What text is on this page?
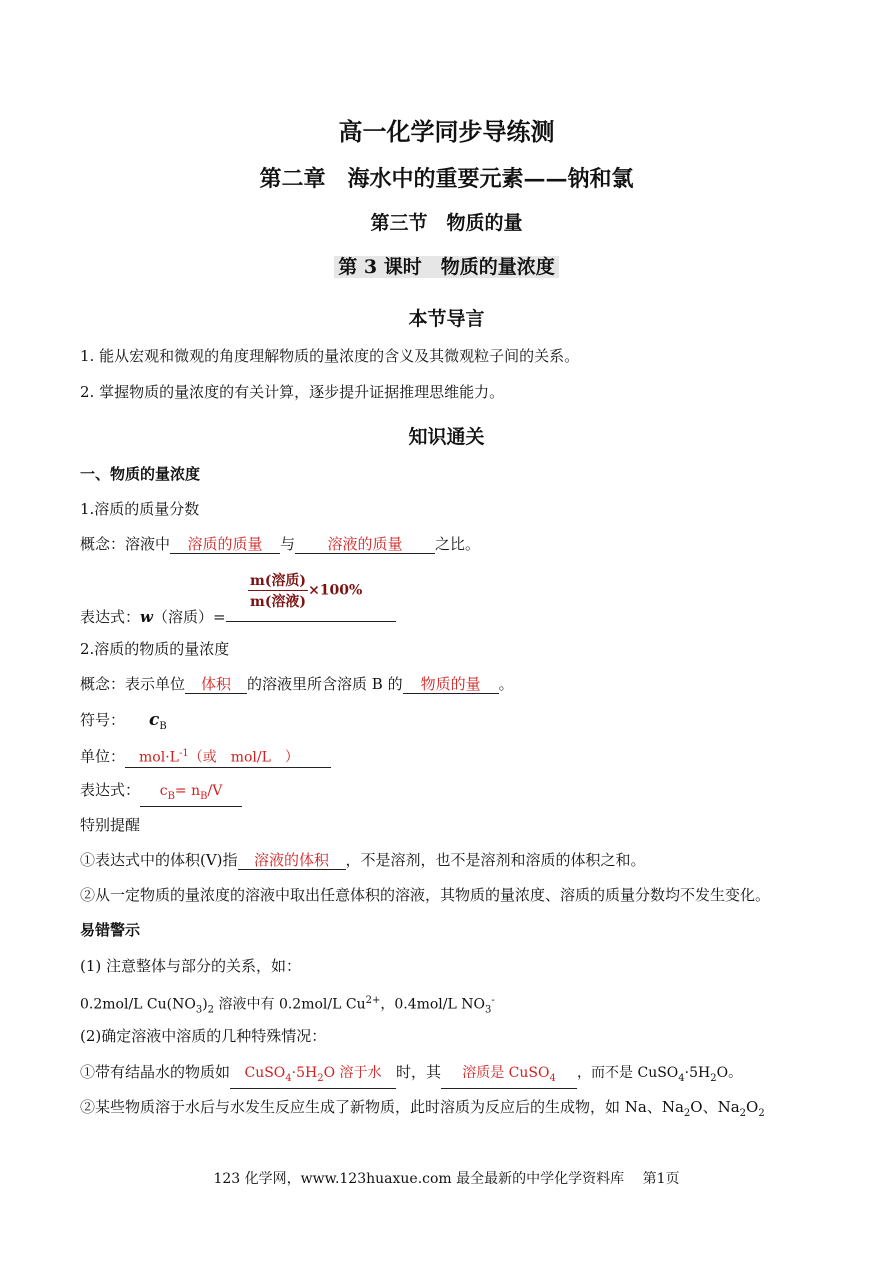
高一化学同步导练测
第二章　海水中的重要元素——钠和氯
第三节　物质的量
第 3 课时　物质的量浓度
本节导言
1. 能从宏观和微观的角度理解物质的量浓度的含义及其微观粒子间的关系。
2. 掌握物质的量浓度的有关计算，逐步提升证据推理思维能力。
知识通关
一、物质的量浓度
1.溶质的质量分数
概念：溶液中 溶质的质量 与 溶液的质量 之比。
$\frac{\text{m(溶质)}}{\text{m(溶液)}} \times 100\%$
表达式：w（溶质）=
2.溶质的物质的量浓度
概念：表示单位 体积 的溶液里所含溶质 B 的 物质的量 。
符号： $c_B$
单位： $mol\cdot L^{-1}$（或　mol/L　）
表达式： $c_B= n_B/V$
特别提醒
①表达式中的体积(V)指 溶液的体积 ，不是溶剂，也不是溶剂和溶质的体积之和。
②从一定物质的量浓度的溶液中取出任意体积的溶液，其物质的量浓度、溶质的质量分数均不发生变化。
易错警示
(1) 注意整体与部分的关系，如：
0.2mol/L $Cu(NO_3)_2$ 溶液中有 0.2mol/L $Cu^{2+}$，0.4mol/L $NO_3^-$
(2)确定溶液中溶质的几种特殊情况：
①带有结晶水的物质如 $CuSO_4\cdot 5H_2O$ 溶于水 时，其 溶质是 CuSO$_4$ ，而不是 $CuSO_4\cdot 5H_2O$。
②某些物质溶于水后与水发生反应生成了新物质，此时溶质为反应后的生成物，如 Na、$Na_2O$、$Na_2O_2$
123 化学网，www.123huaxue.com 最全最新的中学化学资料库　 第1页
